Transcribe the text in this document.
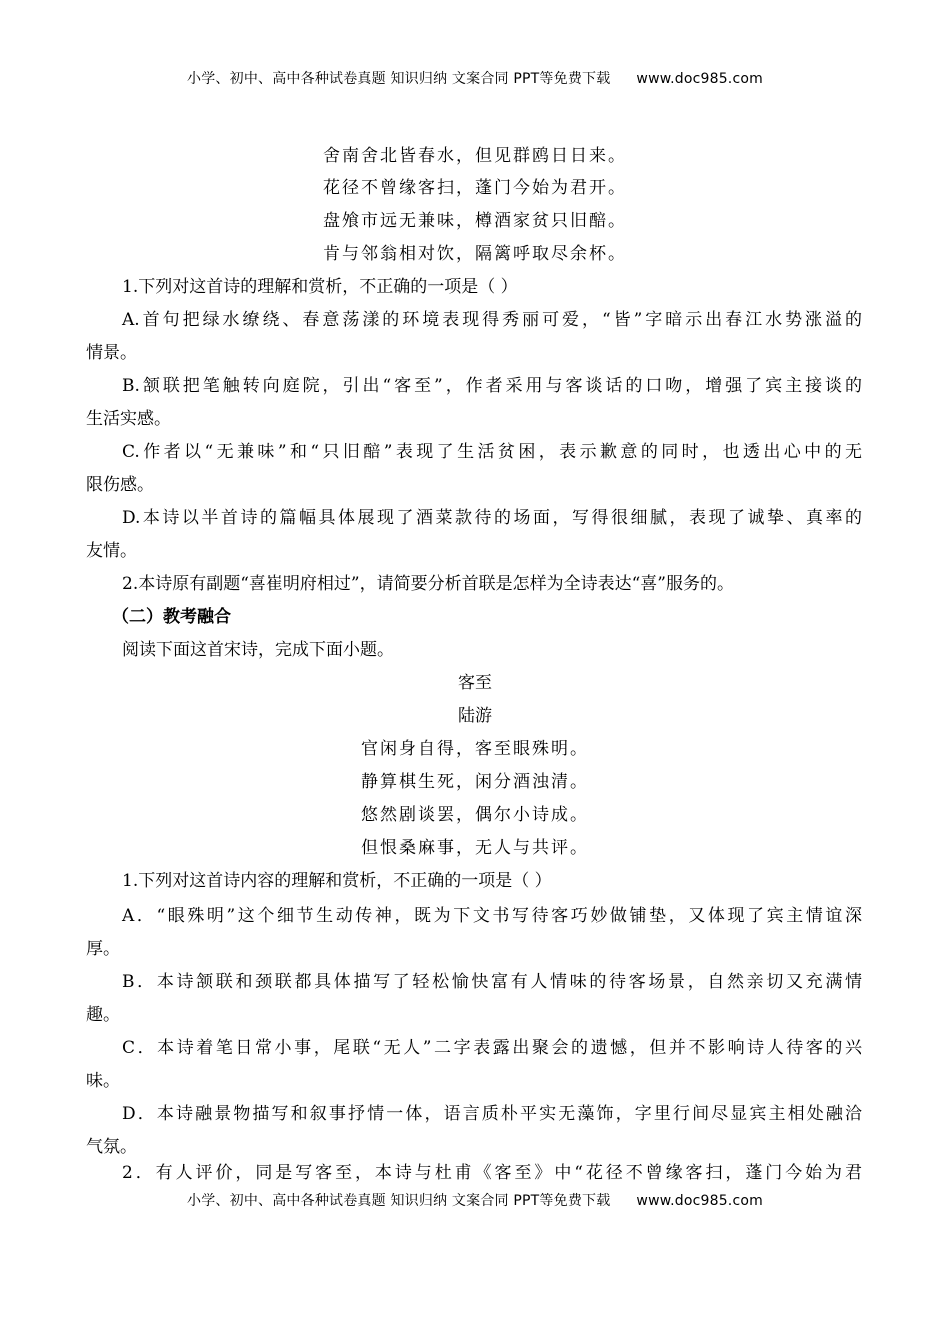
小学、初中、高中各种试卷真题 知识归纳 文案合同 PPT等免费下载 www.doc985.com
舍南舍北皆春水，但见群鸥日日来。
花径不曾缘客扫，蓬门今始为君开。
盘飧市远无兼味，樽酒家贫只旧醅。
肯与邻翁相对饮，隔篱呼取尽余杯。
1.下列对这首诗的理解和赏析，不正确的一项是（ ）
A.首句把绿水缭绕、春意荡漾的环境表现得秀丽可爱，“皆”字暗示出春江水势涨溢的
情景。
B.颔联把笔触转向庭院，引出“客至”，作者采用与客谈话的口吻，增强了宾主接谈的
生活实感。
C.作者以“无兼味”和“只旧醅”表现了生活贫困，表示歉意的同时，也透出心中的无
限伤感。
D.本诗以半首诗的篇幅具体展现了酒菜款待的场面，写得很细腻，表现了诚挚、真率的
友情。
2.本诗原有副题“喜崔明府相过”，请简要分析首联是怎样为全诗表达“喜”服务的。
（二）教考融合
阅读下面这首宋诗，完成下面小题。
客至
陆游
官闲身自得，客至眼殊明。
静算棋生死，闲分酒浊清。
悠然剧谈罢，偶尔小诗成。
但恨桑麻事，无人与共评。
1.下列对这首诗内容的理解和赏析，不正确的一项是（ ）
A．“眼殊明”这个细节生动传神，既为下文书写待客巧妙做铺垫，又体现了宾主情谊深
厚。
B．本诗颔联和颈联都具体描写了轻松愉快富有人情味的待客场景，自然亲切又充满情
趣。
C．本诗着笔日常小事，尾联“无人”二字表露出聚会的遗憾，但并不影响诗人待客的兴
味。
D．本诗融景物描写和叙事抒情一体，语言质朴平实无藻饰，字里行间尽显宾主相处融洽
气氛。
2．有人评价，同是写客至，本诗与杜甫《客至》中“花径不曾缘客扫，蓬门今始为君
小学、初中、高中各种试卷真题 知识归纳 文案合同 PPT等免费下载 www.doc985.com
